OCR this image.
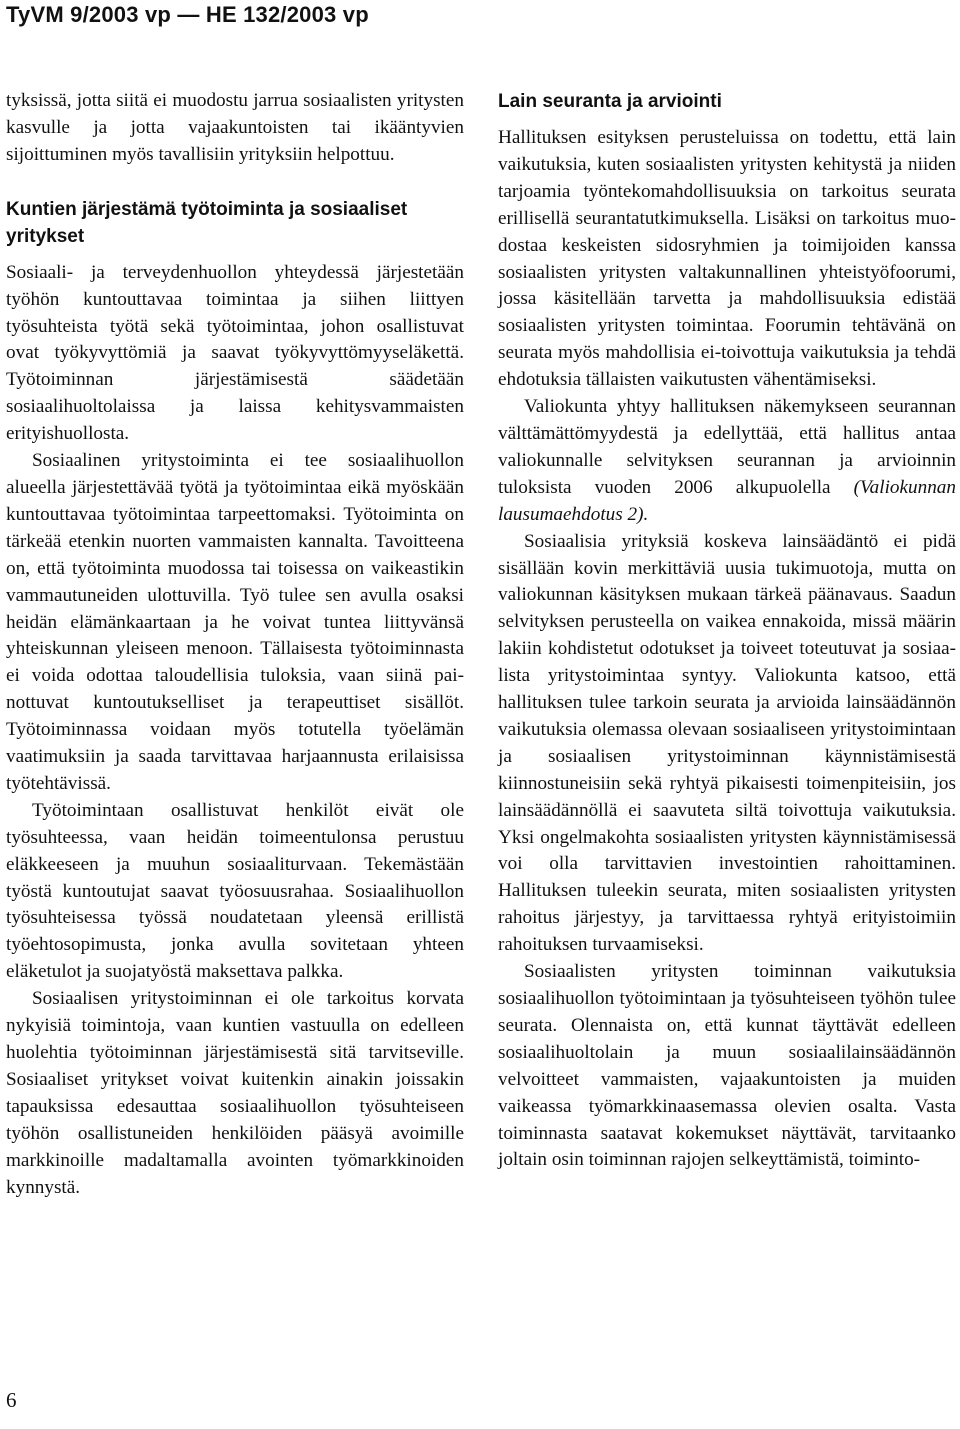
TyVM 9/2003 vp — HE 132/2003 vp

tyksissä, jotta siitä ei muodostu jarrua sosiaalisten yritysten kasvulle ja jotta vajaakuntoisten tai ikääntyvien sijoittuminen myös tavallisiin yrityksiin helpottuu.

Kuntien järjestämä työtoiminta ja sosiaaliset yritykset

Sosiaali- ja terveydenhuollon yhteydessä järjestetään työhön kuntouttavaa toimintaa ja siihen liittyen työsuhteista työtä sekä työtoimintaa, johon osallistuvat ovat työkyvyttömiä ja saavat työkyvyttömyyseläkettä. Työtoiminnan järjestämisestä säädetään sosiaalihuoltolaissa ja laissa kehitysvammaisten erityishuollosta.

Sosiaalinen yritystoiminta ei tee sosiaalihuollon alueella järjestettävää työtä ja työtoimintaa eikä myöskään kuntouttavaa työtoimintaa tarpeettomaksi. Työtoiminta on tärkeää etenkin nuorten vammaisten kannalta. Tavoitteena on, että työtoiminta muodossa tai toisessa on vaikeastikin vammautuneiden ulottuvilla. Työ tulee sen avulla osaksi heidän elämänkaartaan ja he voivat tuntea liittyvänsä yhteiskunnan yleiseen menoon. Tällaisesta työtoiminnasta ei voida odottaa taloudellisia tuloksia, vaan siinä painottuvat kuntoutukselliset ja terapeuttiset sisällöt. Työtoiminnassa voidaan myös totutella työelämän vaatimuksiin ja saada tarvittavaa harjaannusta erilaisissa työtehtävissä.

Työtoimintaan osallistuvat henkilöt eivät ole työsuhteessa, vaan heidän toimeentulonsa perustuu eläkkeeseen ja muuhun sosiaaliturvaan. Tekemästään työstä kuntoutujat saavat työosuusrahaa. Sosiaalihuollon työsuhteisessa työssä noudatetaan yleensä erillistä työehtosopimusta, jonka avulla sovitetaan yhteen eläketulot ja suojatyöstä maksettava palkka.

Sosiaalisen yritystoiminnan ei ole tarkoitus korvata nykyisiä toimintoja, vaan kuntien vastuulla on edelleen huolehtia työtoiminnan järjestämisestä sitä tarvitseville. Sosiaaliset yritykset voivat kuitenkin ainakin joissakin tapauksissa edesauttaa sosiaalihuollon työsuhteiseen työhön osallistuneiden henkilöiden pääsyä avoimille markkinoille madaltamalla avointen työmarkkinoiden kynnystä.

Lain seuranta ja arviointi

Hallituksen esityksen perusteluissa on todettu, että lain vaikutuksia, kuten sosiaalisten yritysten kehitystä ja niiden tarjoamia työntekomahdollisuuksia on tarkoitus seurata erillisellä seurantatutkimuksella. Lisäksi on tarkoitus muodostaa keskeisten sidosryhmien ja toimijoiden kanssa sosiaalisten yritysten valtakunnallinen yhteistyöfoorumi, jossa käsitellään tarvetta ja mahdollisuuksia edistää sosiaalisten yritysten toimintaa. Foorumin tehtävänä on seurata myös mahdollisia ei-toivottuja vaikutuksia ja tehdä ehdotuksia tällaisten vaikutusten vähentämiseksi.

Valiokunta yhtyy hallituksen näkemykseen seurannan välttämättömyydestä ja edellyttää, että hallitus antaa valiokunnalle selvityksen seurannan ja arvioinnin tuloksista vuoden 2006 alkupuolella (Valiokunnan lausumaehdotus 2).

Sosiaalisia yrityksiä koskeva lainsäädäntö ei pidä sisällään kovin merkittäviä uusia tukimuotoja, mutta on valiokunnan käsityksen mukaan tärkeä päänavaus. Saadun selvityksen perusteella on vaikea ennakoida, missä määrin lakiin kohdistetut odotukset ja toiveet toteutuvat ja sosiaalista yritystoimintaa syntyy. Valiokunta katsoo, että hallituksen tulee tarkoin seurata ja arvioida lainsäädännön vaikutuksia olemassa olevaan sosiaaliseen yritystoimintaan ja sosiaalisen yritystoiminnan käynnistämisestä kiinnostuneisiin sekä ryhtyä pikaisesti toimenpiteisiin, jos lainsäädännöllä ei saavuteta siltä toivottuja vaikutuksia. Yksi ongelmakohta sosiaalisten yritysten käynnistämisessä voi olla tarvittavien investointien rahoittaminen. Hallituksen tuleekin seurata, miten sosiaalisten yritysten rahoitus järjestyy, ja tarvittaessa ryhtyä erityistoimiin rahoituksen turvaamiseksi.

Sosiaalisten yritysten toiminnan vaikutuksia sosiaalihuollon työtoimintaan ja työsuhteiseen työhön tulee seurata. Olennaista on, että kunnat täyttävät edelleen sosiaalihuoltolain ja muun sosiaalilainsäädännön velvoitteet vammaisten, vajaakuntoisten ja muiden vaikeassa työmarkkinaasemassa olevien osalta. Vasta toiminnasta saatavat kokemukset näyttävät, tarvitaanko joltain osin toiminnan rajojen selkeyttämistä, toiminto-

6
